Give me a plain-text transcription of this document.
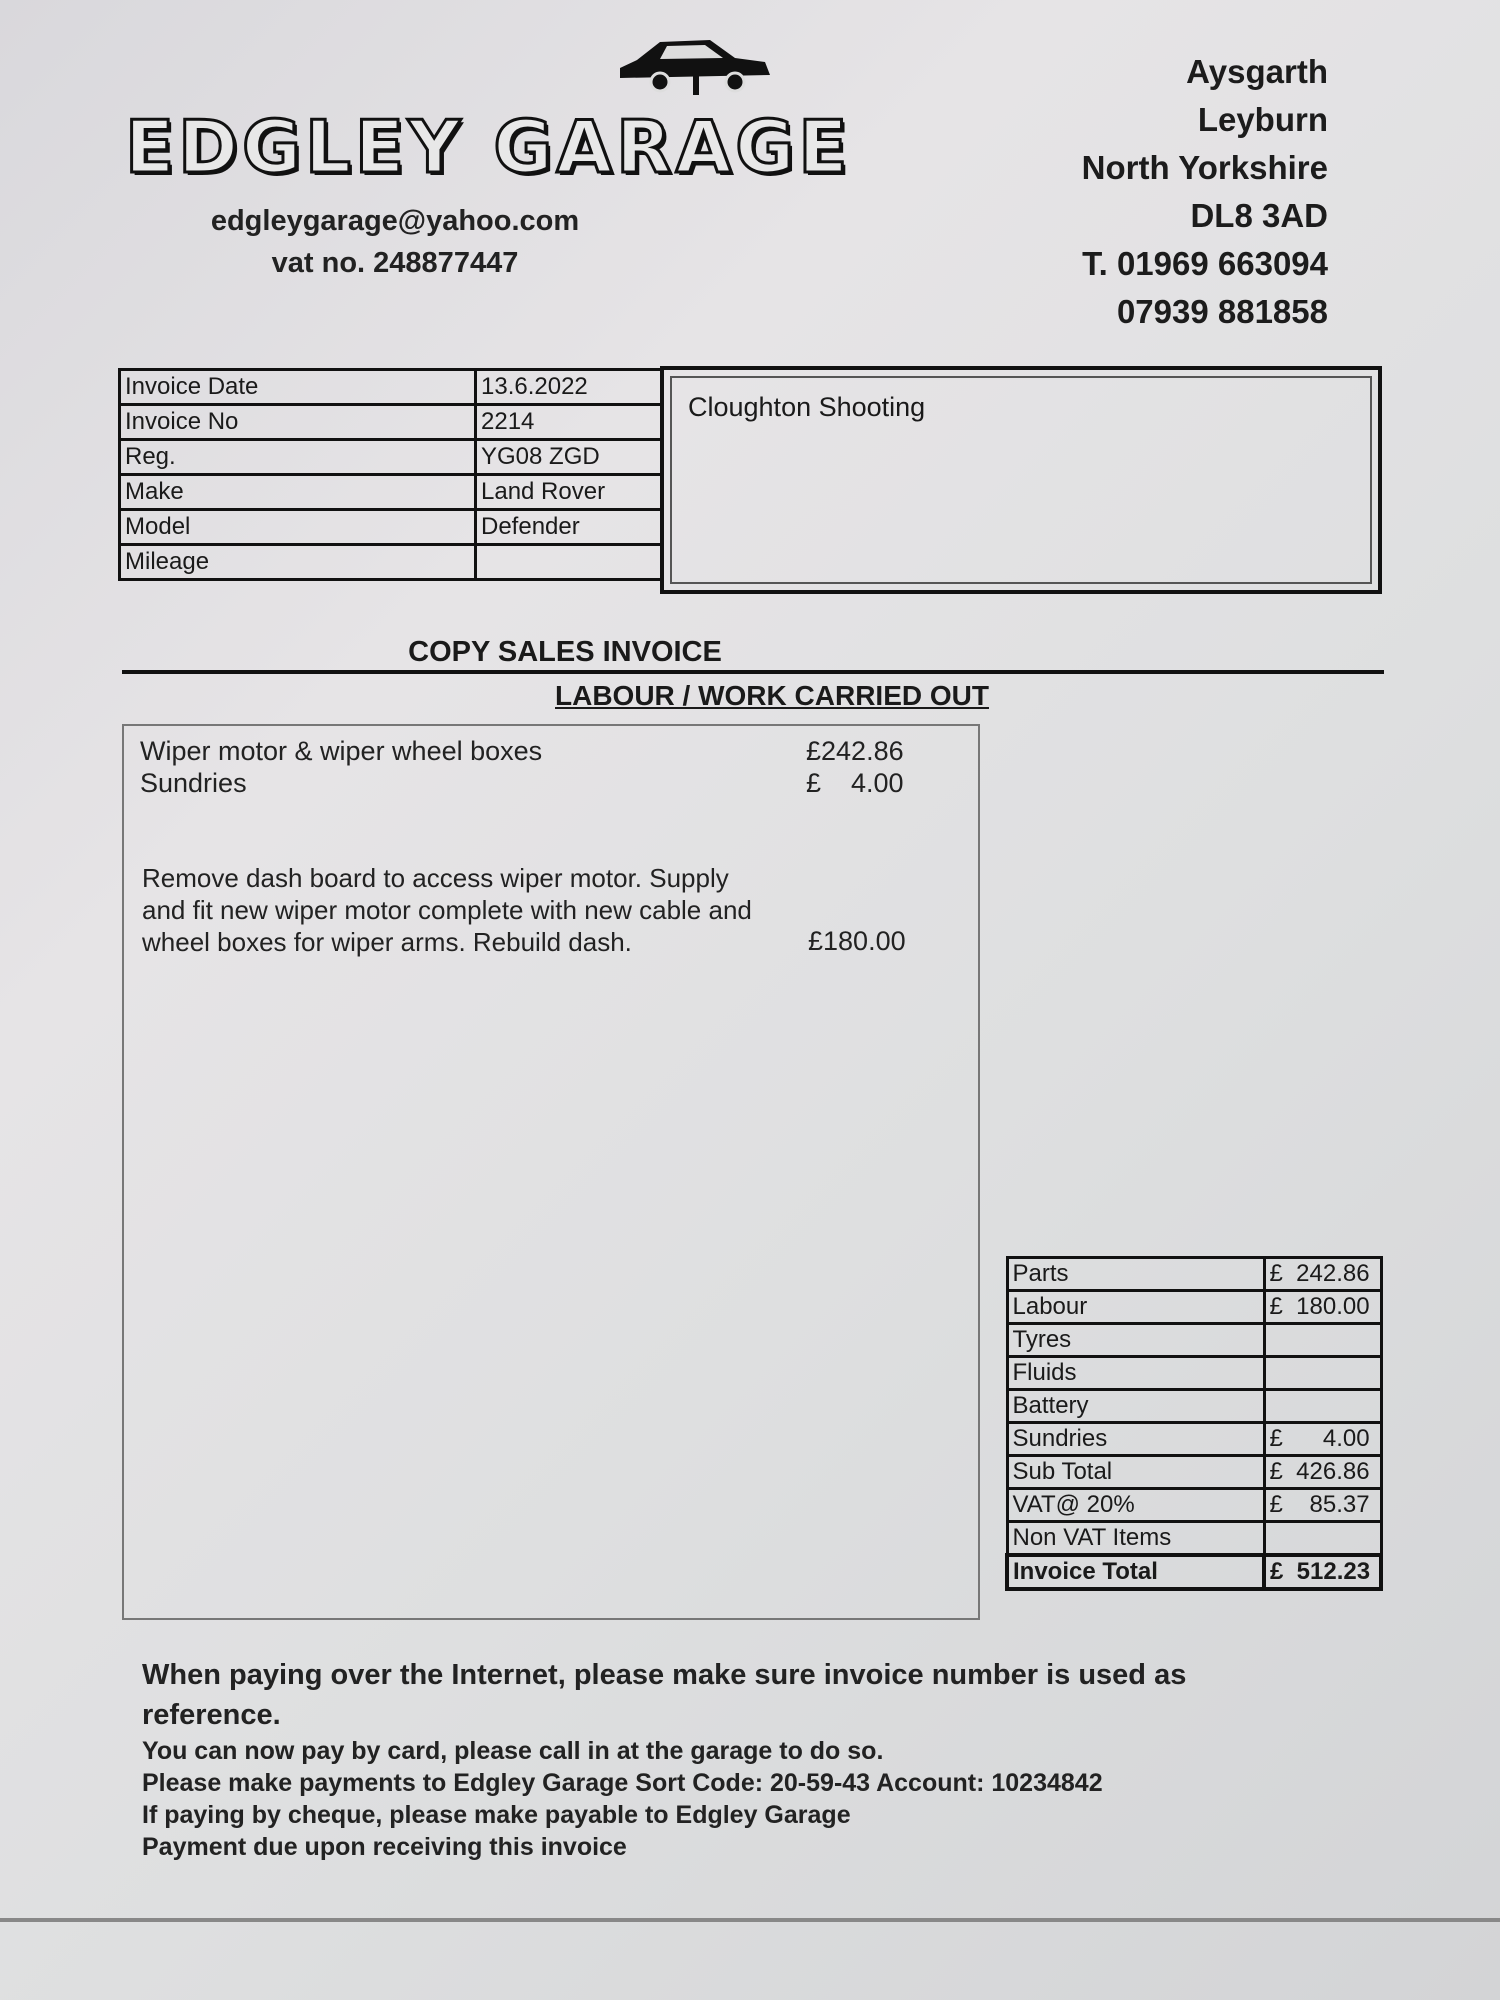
EDGLEY GARAGE
edgleygarage@yahoo.com
vat no. 248877447
Aysgarth
Leyburn
North Yorkshire
DL8 3AD
T. 01969 663094
07939 881858
Invoice Date	13.6.2022
Invoice No	2214
Reg.	YG08 ZGD
Make	Land Rover
Model	Defender
Mileage	
Cloughton Shooting
COPY SALES INVOICE
LABOUR / WORK CARRIED OUT
Wiper motor & wiper wheel boxes	£242.86
Sundries	£    4.00
Remove dash board to access wiper motor. Supply
and fit new wiper motor complete with new cable and
wheel boxes for wiper arms. Rebuild dash.	£180.00
Parts	£  242.86
Labour	£  180.00
Tyres	
Fluids	
Battery	
Sundries	£      4.00
Sub Total	£  426.86
VAT@ 20%	£    85.37
Non VAT Items	
Invoice Total	£  512.23
When paying over the Internet, please make sure invoice number is used as
reference.
You can now pay by card, please call in at the garage to do so.
Please make payments to Edgley Garage Sort Code: 20-59-43 Account: 10234842
If paying by cheque, please make payable to Edgley Garage
Payment due upon receiving this invoice
